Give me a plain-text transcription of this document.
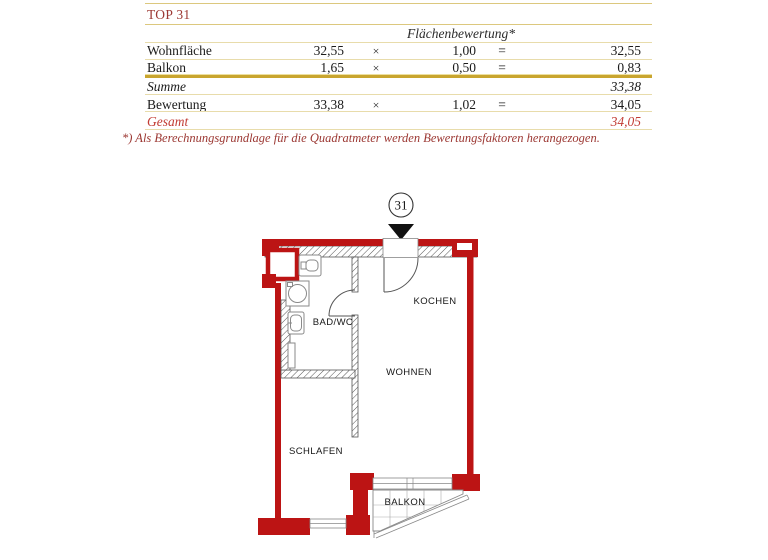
TOP 31
Flächenbewertung*
Wohnfläche	32,55	×	1,00	=	32,55
Balkon	1,65	×	0,50	=	0,83
Summe	33,38
Bewertung	33,38	×	1,02	=	34,05
Gesamt	34,05
*) Als Berechnungsgrundlage für die Quadratmeter werden Bewertungsfaktoren herangezogen.
31
KOCHEN
WOHNEN
BAD/WC
SCHLAFEN
BALKON
